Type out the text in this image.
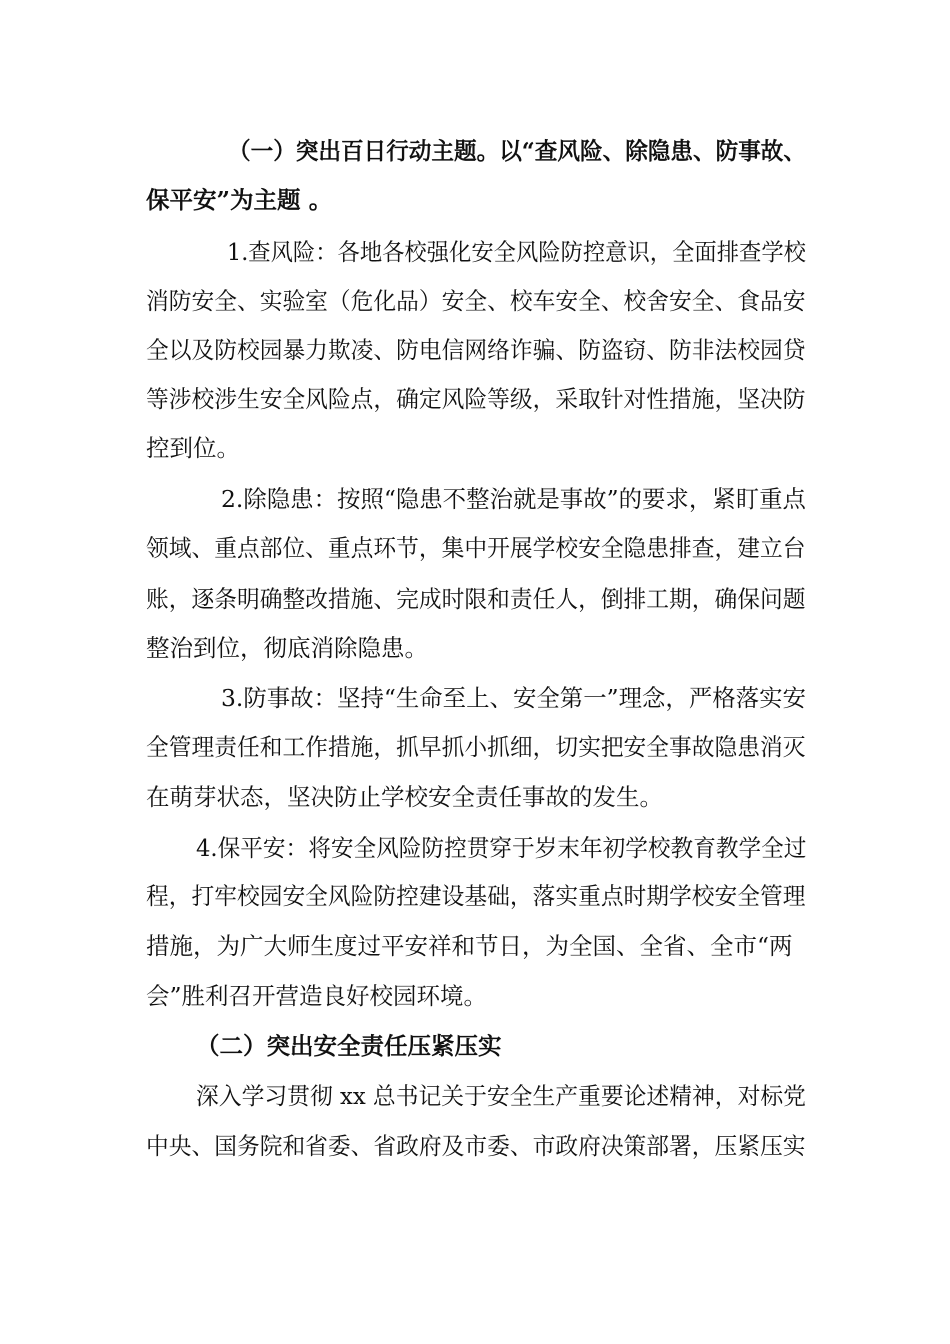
（一）突出百日行动主题。以“查风险、除隐患、防事故、
保平安”为主题 。
1.查风险：各地各校强化安全风险防控意识，全面排查学校
消防安全、实验室（危化品）安全、校车安全、校舍安全、食品安
全以及防校园暴力欺凌、防电信网络诈骗、防盗窃、防非法校园贷
等涉校涉生安全风险点，确定风险等级，采取针对性措施，坚决防
控到位。
2.除隐患：按照“隐患不整治就是事故”的要求，紧盯重点
领域、重点部位、重点环节，集中开展学校安全隐患排查，建立台
账，逐条明确整改措施、完成时限和责任人，倒排工期，确保问题
整治到位，彻底消除隐患。
3.防事故：坚持“生命至上、安全第一”理念，严格落实安
全管理责任和工作措施，抓早抓小抓细，切实把安全事故隐患消灭
在萌芽状态，坚决防止学校安全责任事故的发生。
4.保平安：将安全风险防控贯穿于岁末年初学校教育教学全过
程，打牢校园安全风险防控建设基础，落实重点时期学校安全管理
措施，为广大师生度过平安祥和节日，为全国、全省、全市“两
会”胜利召开营造良好校园环境。
（二）突出安全责任压紧压实
深入学习贯彻 xx 总书记关于安全生产重要论述精神，对标党
中央、国务院和省委、省政府及市委、市政府决策部署，压紧压实
